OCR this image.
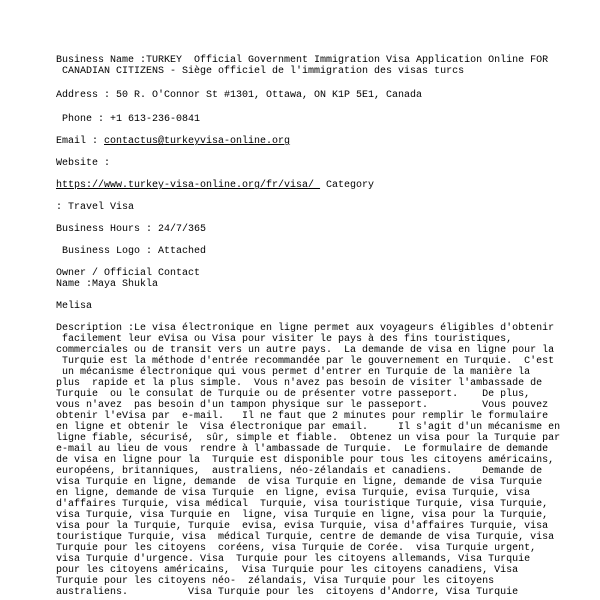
Business Name :TURKEY  Official Government Immigration Visa Application Online FOR
CANADIAN CITIZENS - Siège officiel de l'immigration des visas turcs
Address : 50 R. O'Connor St #1301, Ottawa, ON K1P 5E1, Canada
Phone : +1 613-236-0841
Email : contactus@turkeyvisa-online.org
Website :
https://www.turkey-visa-online.org/fr/visa/  Category
: Travel Visa
Business Hours : 24/7/365
Business Logo : Attached
Owner / Official Contact
Name :Maya Shukla
Melisa
Description :Le visa électronique en ligne permet aux voyageurs éligibles d'obtenir
facilement leur eVisa ou Visa pour visiter le pays à des fins touristiques,
commerciales ou de transit vers un autre pays.  La demande de visa en ligne pour la
Turquie est la méthode d'entrée recommandée par le gouvernement en Turquie.  C'est
un mécanisme électronique qui vous permet d'entrer en Turquie de la manière la
plus  rapide et la plus simple.  Vous n'avez pas besoin de visiter l'ambassade de
Turquie  ou le consulat de Turquie ou de présenter votre passeport.    De plus,
vous n'avez  pas besoin d'un tampon physique sur le passeport.         Vous pouvez
obtenir l'eVisa par  e-mail.   Il ne faut que 2 minutes pour remplir le formulaire
en ligne et obtenir le  Visa électronique par email.     Il s'agit d'un mécanisme en
ligne fiable, sécurisé,  sûr, simple et fiable.  Obtenez un visa pour la Turquie par
e-mail au lieu de vous  rendre à l'ambassade de Turquie.  Le formulaire de demande
de visa en ligne pour la  Turquie est disponible pour tous les citoyens américains,
européens, britanniques,  australiens, néo-zélandais et canadiens.     Demande de
visa Turquie en ligne, demande  de visa Turquie en ligne, demande de visa Turquie
en ligne, demande de visa Turquie  en ligne, evisa Turquie, evisa Turquie, visa
d'affaires Turquie, visa médical  Turquie, visa touristique Turquie, visa Turquie,
visa Turquie, visa Turquie en  ligne, visa Turquie en ligne, visa pour la Turquie,
visa pour la Turquie, Turquie  evisa, evisa Turquie, visa d'affaires Turquie, visa
touristique Turquie, visa  médical Turquie, centre de demande de visa Turquie, visa
Turquie pour les citoyens  coréens, visa Turquie de Corée.  visa Turquie urgent,
visa Turquie d'urgence. Visa  Turquie pour les citoyens allemands, Visa Turquie
pour les citoyens américains,  Visa Turquie pour les citoyens canadiens, Visa
Turquie pour les citoyens néo-  zélandais, Visa Turquie pour les citoyens
australiens.          Visa Turquie pour les  citoyens d'Andorre, Visa Turquie
